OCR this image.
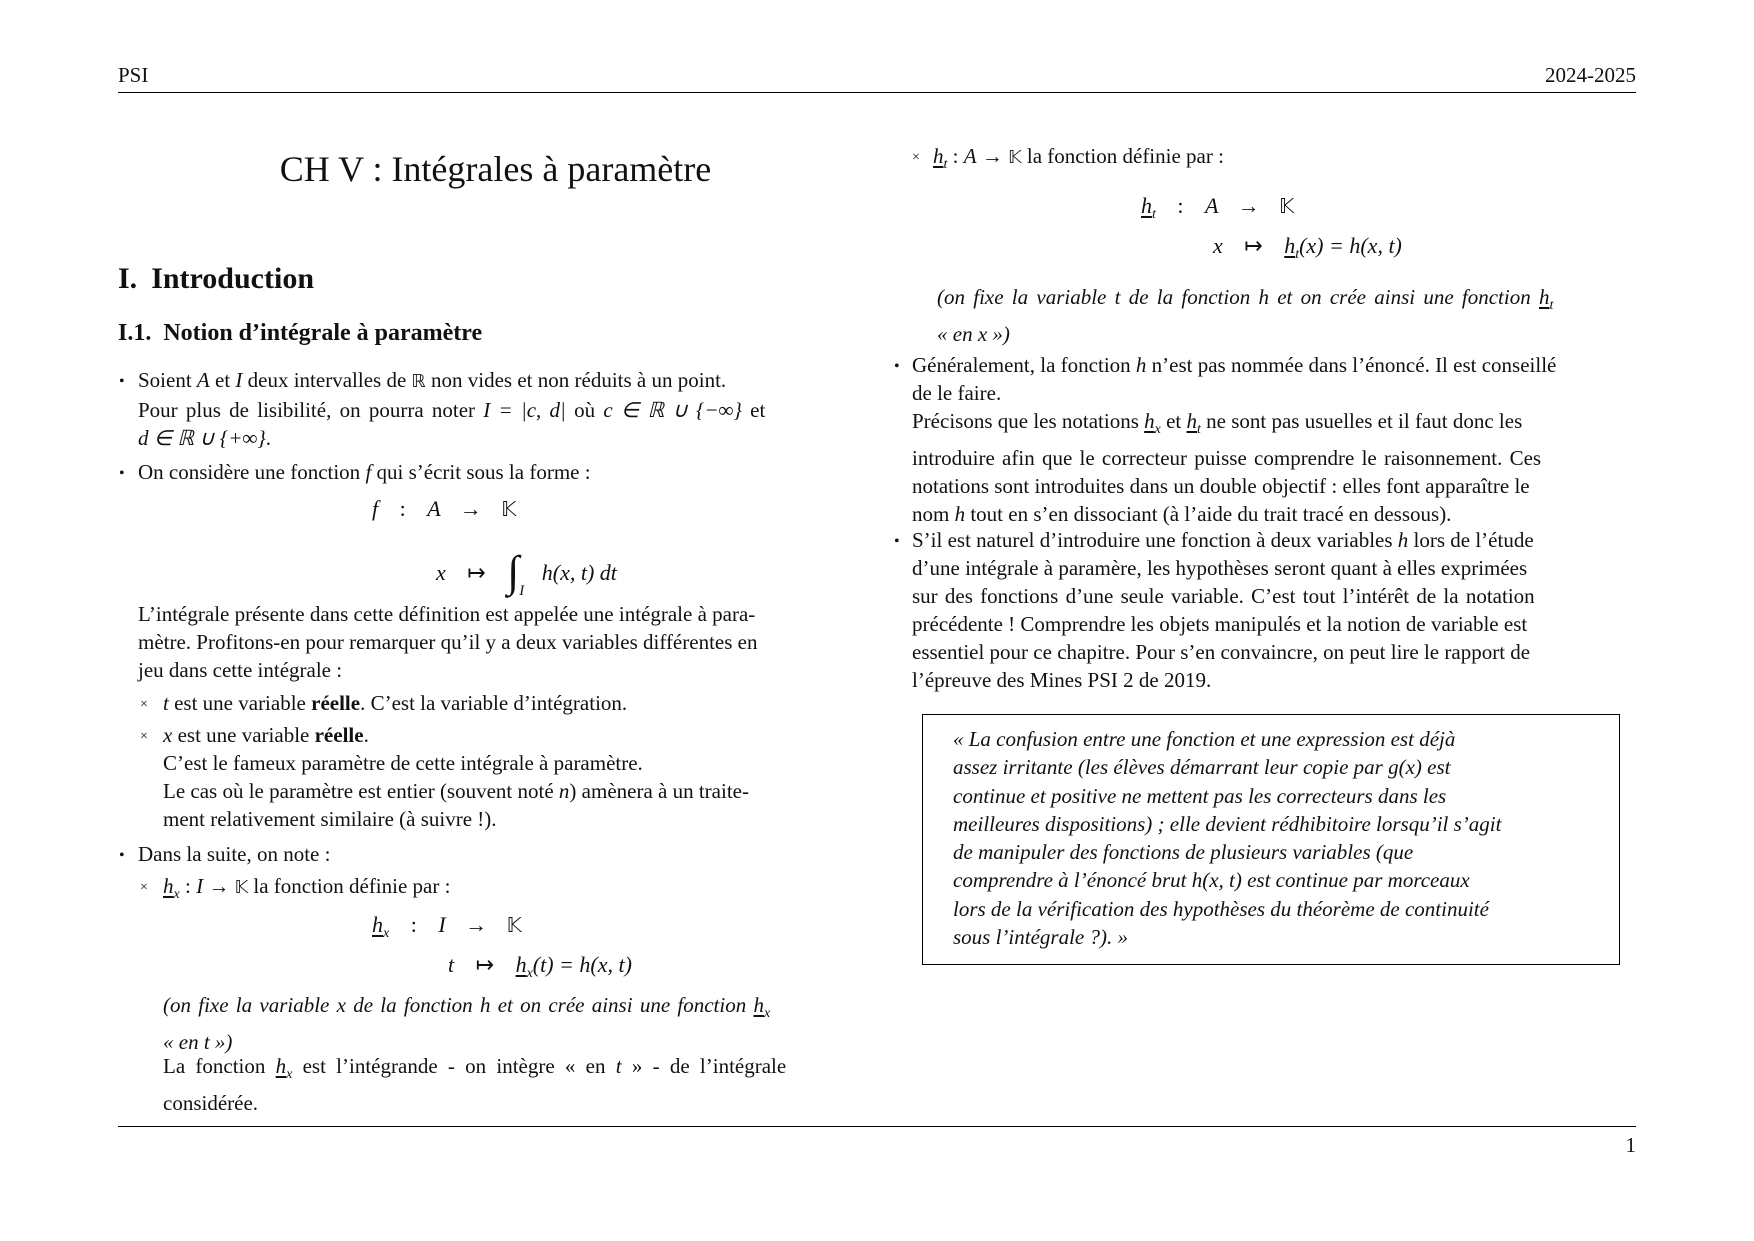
PSI	2024-2025
CH V : Intégrales à paramètre
I. Introduction
I.1. Notion d’intégrale à paramètre
• Soient A et I deux intervalles de ℝ non vides et non réduits à un point.
Pour plus de lisibilité, on pourra noter I = |c, d| où c ∈ ℝ ∪ {−∞} et
d ∈ ℝ ∪ {+∞}.
• On considère une fonction f qui s’écrit sous la forme :
f : A → 𝕂
x ↦ $\int_I$ h(x, t) dt
L’intégrale présente dans cette définition est appelée une intégrale à para-
mètre. Profitons-en pour remarquer qu’il y a deux variables différentes en
jeu dans cette intégrale :
× t est une variable réelle. C’est la variable d’intégration.
× x est une variable réelle.
C’est le fameux paramètre de cette intégrale à paramètre.
Le cas où le paramètre est entier (souvent noté n) amènera à un traite-
ment relativement similaire (à suivre !).
• Dans la suite, on note :
× $h_x$ : I → 𝕂 la fonction définie par :
$h_x$ : I → 𝕂
t ↦ $h_x(t) = h(x$, t)
(on fixe la variable x de la fonction h et on crée ainsi une fonction $h_x$
« en t »)
La fonction $h_x$ est l’intégrande - on intègre « en t » - de l’intégrale
considérée.
× $h_t$ : A → 𝕂 la fonction définie par :
$h_t$ : A → 𝕂
x ↦ $h_t(x) = h(x$, t)
(on fixe la variable t de la fonction h et on crée ainsi une fonction $h_t$
« en x »)
• Généralement, la fonction h n’est pas nommée dans l’énoncé. Il est conseillé
de le faire.
Précisons que les notations $h_x$ et $h_t$ ne sont pas usuelles et il faut donc les
introduire afin que le correcteur puisse comprendre le raisonnement. Ces
notations sont introduites dans un double objectif : elles font apparaître le
nom h tout en s’en dissociant (à l’aide du trait tracé en dessous).
• S’il est naturel d’introduire une fonction à deux variables h lors de l’étude
d’une intégrale à paramère, les hypothèses seront quant à elles exprimées
sur des fonctions d’une seule variable. C’est tout l’intérêt de la notation
précédente ! Comprendre les objets manipulés et la notion de variable est
essentiel pour ce chapitre. Pour s’en convaincre, on peut lire le rapport de
l’épreuve des Mines PSI 2 de 2019.
« La confusion entre une fonction et une expression est déjà
assez irritante (les élèves démarrant leur copie par g(x) est
continue et positive ne mettent pas les correcteurs dans les
meilleures dispositions) ; elle devient rédhibitoire lorsqu’il s’agit
de manipuler des fonctions de plusieurs variables (que
comprendre à l’énoncé brut h(x, t) est continue par morceaux
lors de la vérification des hypothèses du théorème de continuité
sous l’intégrale ?). »
1
